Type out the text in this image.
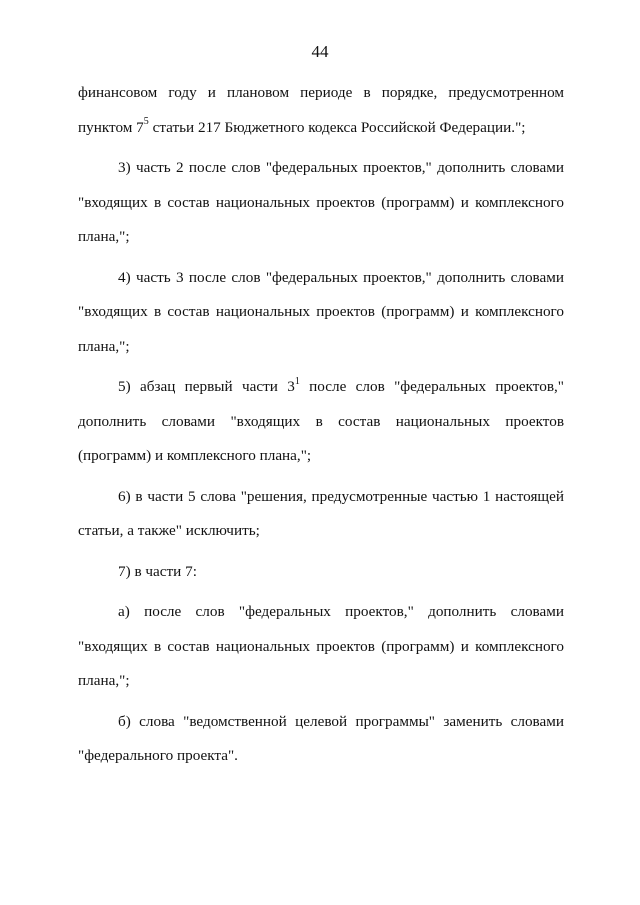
44

финансовом году и плановом периоде в порядке, предусмотренном пунктом $7^5$ статьи 217 Бюджетного кодекса Российской Федерации.";

3) часть 2 после слов "федеральных проектов," дополнить словами "входящих в состав национальных проектов (программ) и комплексного плана,";

4) часть 3 после слов "федеральных проектов," дополнить словами "входящих в состав национальных проектов (программ) и комплексного плана,";

5) абзац первый части $3^1$ после слов "федеральных проектов," дополнить словами "входящих в состав национальных проектов (программ) и комплексного плана,";

6) в части 5 слова "решения, предусмотренные частью 1 настоящей статьи, а также" исключить;

7) в части 7:

а) после слов "федеральных проектов," дополнить словами "входящих в состав национальных проектов (программ) и комплексного плана,";

б) слова "ведомственной целевой программы" заменить словами "федерального проекта".
